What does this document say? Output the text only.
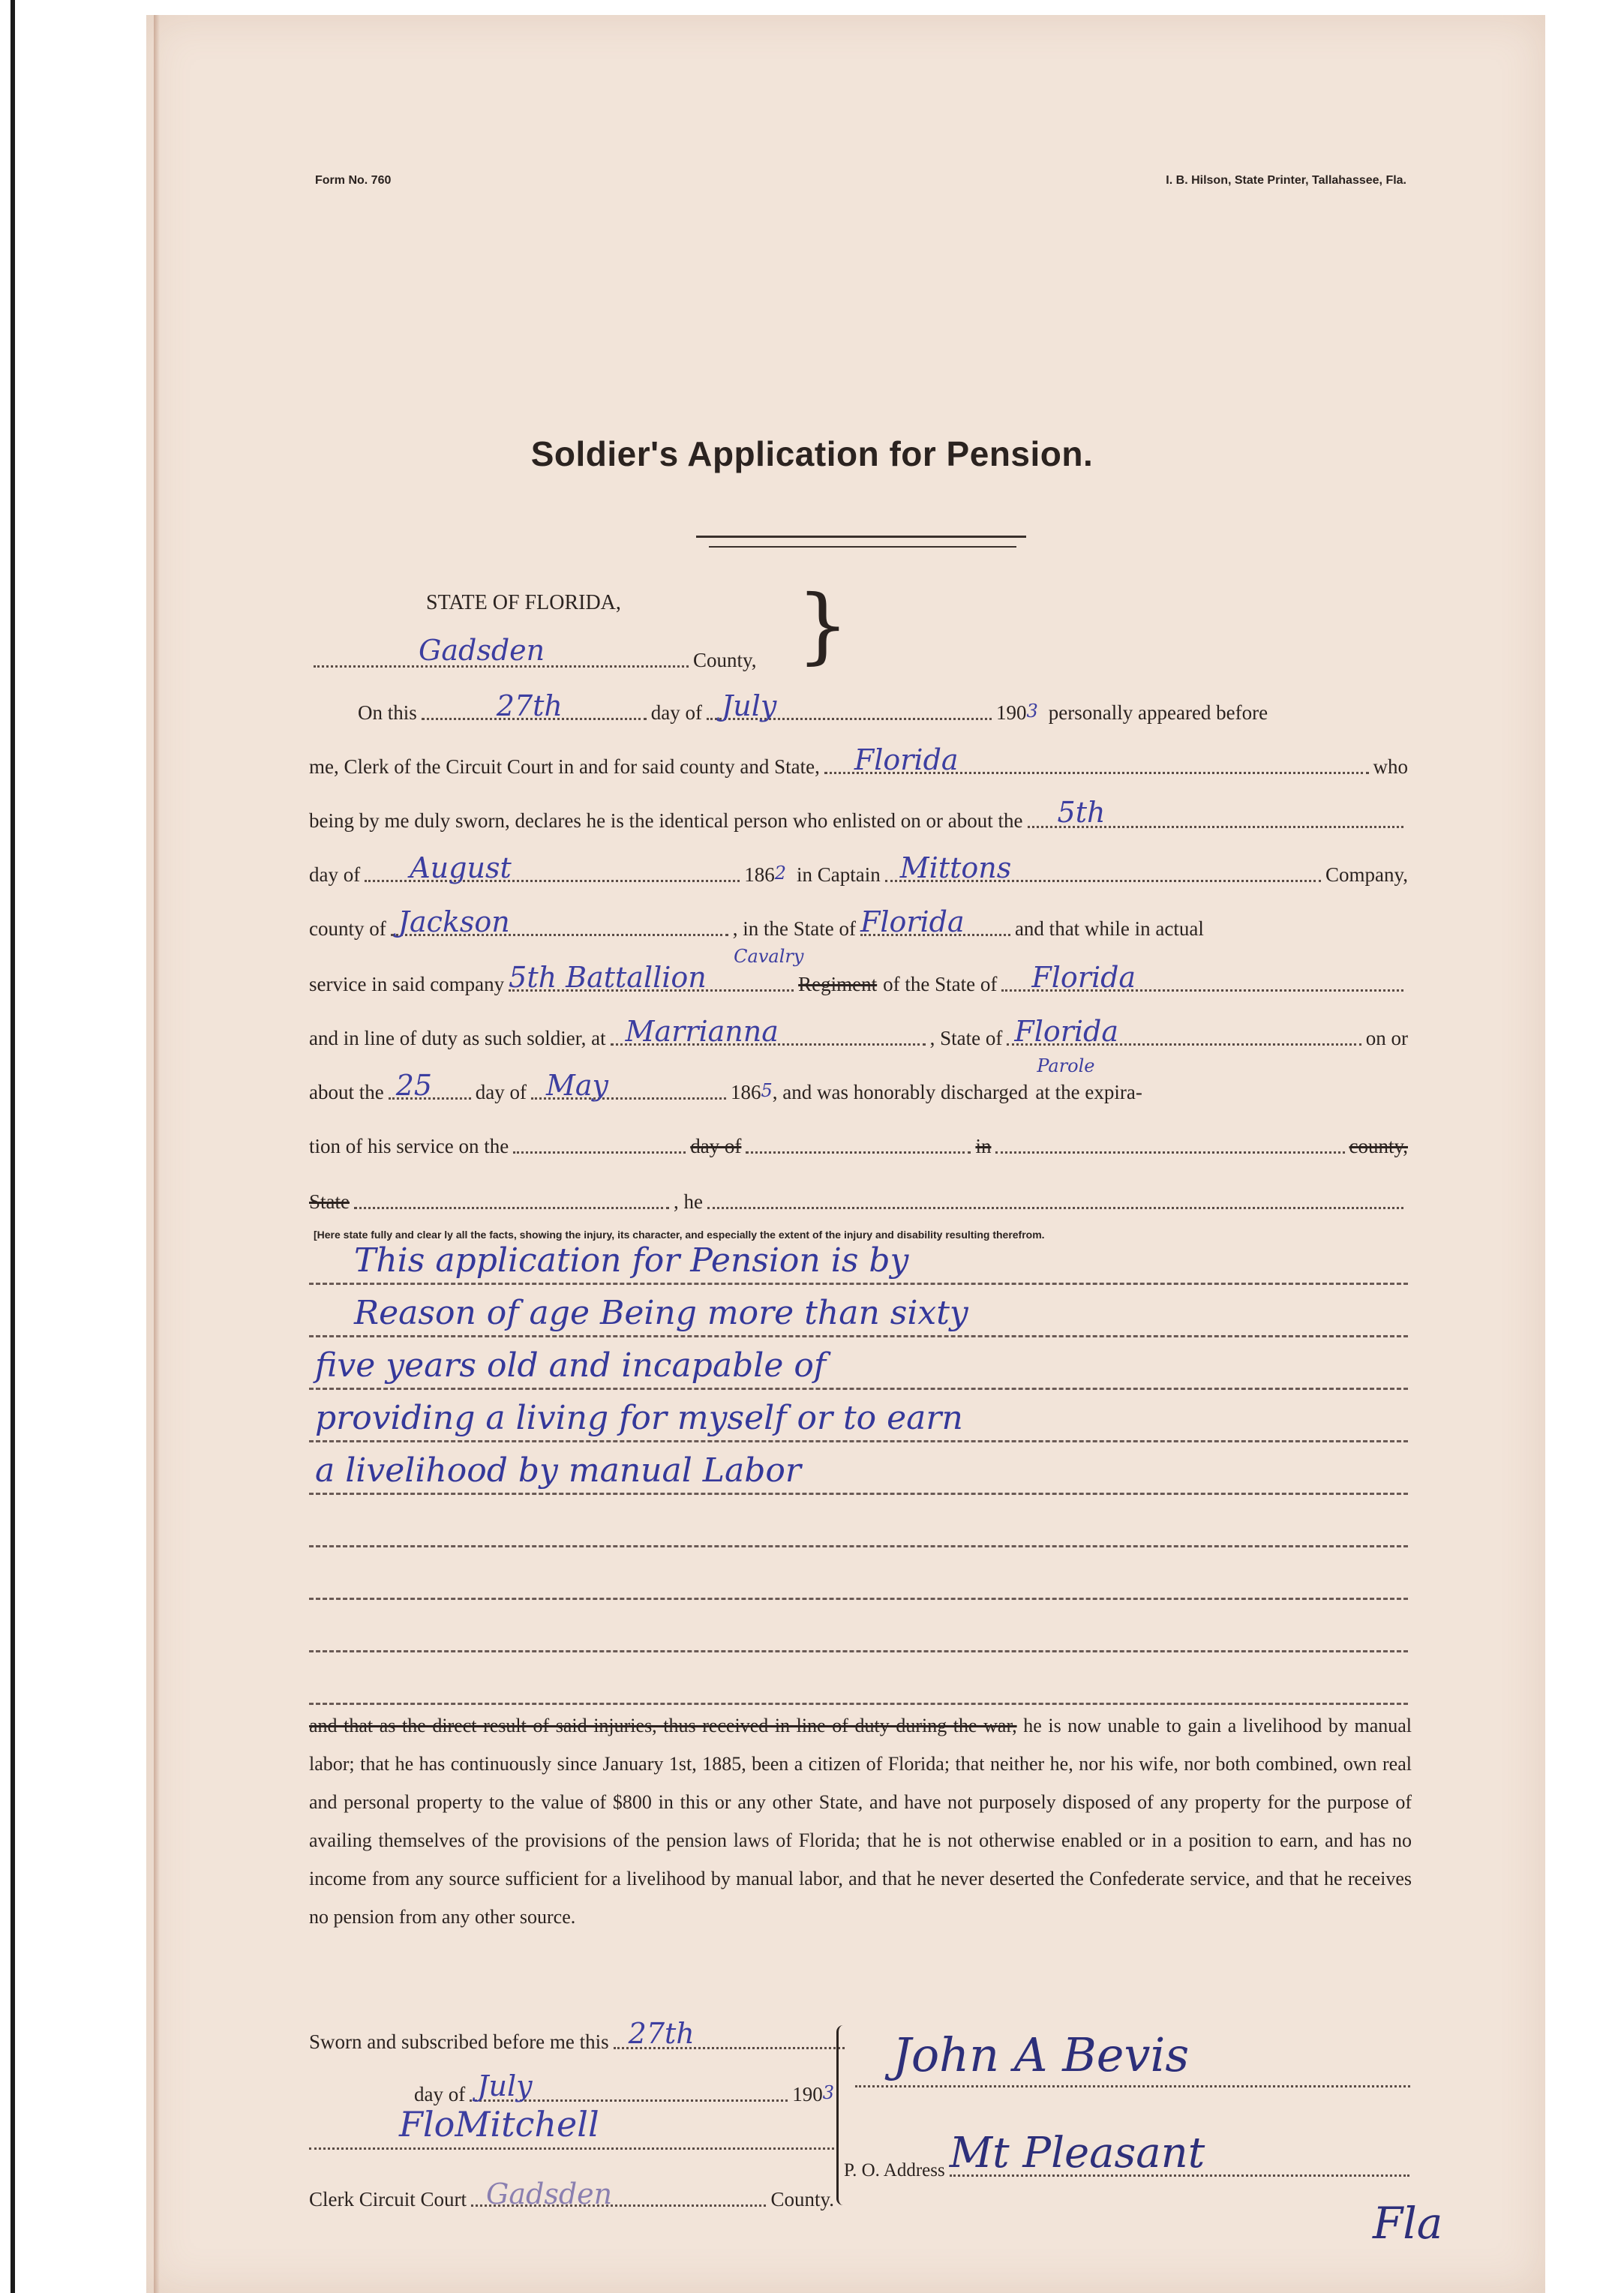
Form No. 760	I. B. Hilson, State Printer, Tallahassee, Fla.
Soldier's Application for Pension.
STATE OF FLORIDA,
Gadsden	County, }
On this	27th	day of July	190 3 personally appeared before
me, Clerk of the Circuit Court in and for said county and State, Florida	who
being by me duly sworn, declares he is the identical person who enlisted on or about the 5th
day of August	186 2 in Captain Mittons	Company,
county of Jackson	, in the State of Florida and that while in actual
service in said company 5th Battallion
Cavalry
Regiment of the State of Florida
and in line of duty as such soldier, at Marrianna	, State of Florida
Parole
on or
about the 25 day of May	186 5 , and was honorably discharged at the expira-
tion of his service on the	day of	in	county,
State	, he
[Here state fully and clear ly all the facts, showing the injury, its character, and especially the extent of the injury and disability resulting therefrom.
This application for Pension is by
Reason of age Being more than sixty
five years old and incapable of
providing a living for myself or to earn
a livelihood by manual Labor
and that as the direct result of said injuries, thus received in line of duty during the war, he is now unable to gain a livelihood by manual labor; that he has continuously since January 1st, 1885, been a citizen of Florida; that neither he, nor his wife, nor both combined, own real and personal property to the value of $800 in this or any other State, and have not purposely disposed of any property for the purpose of availing themselves of the provisions of the pension laws of Florida; that he is not otherwise enabled or in a position to earn, and has no income from any source sufficient for a livelihood by manual labor, and that he never deserted the Confederate service, and that he receives no pension from any other source.
Sworn and subscribed before me this 27th
day of July	190 3
FloMitchell
Clerk Circuit Court Gadsden	County.
John A Bevis
P. O. Address Mt Pleasant
Fla
